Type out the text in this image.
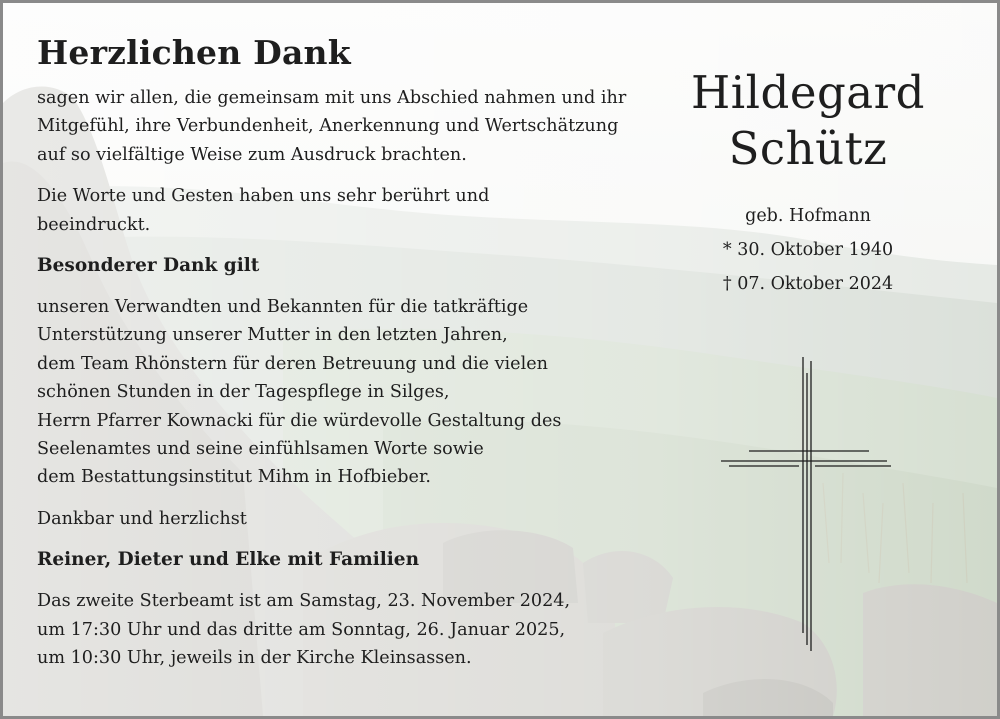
Herzlichen Dank

sagen wir allen, die gemeinsam mit uns Abschied nahmen und ihr

Mitgefühl, ihre Verbundenheit, Anerkennung und Wertschätzung

auf so vielfältige Weise zum Ausdruck brachten.

Die Worte und Gesten haben uns sehr berührt und

beeindruckt.

Besonderer Dank gilt

unseren Verwandten und Bekannten für die tatkräftige

Unterstützung unserer Mutter in den letzten Jahren,

dem Team Rhönstern für deren Betreuung und die vielen

schönen Stunden in der Tagespflege in Silges,

Herrn Pfarrer Kownacki für die würdevolle Gestaltung des

Seelenamtes und seine einfühlsamen Worte sowie

dem Bestattungsinstitut Mihm in Hofbieber.

Dankbar und herzlichst

Reiner, Dieter und Elke mit Familien

Das zweite Sterbeamt ist am Samstag, 23. November 2024,

um 17:30 Uhr und das dritte am Sonntag, 26. Januar 2025,

um 10:30 Uhr, jeweils in der Kirche Kleinsassen.

Hildegard
Schütz
geb. Hofmann
* 30. Oktober 1940
† 07. Oktober 2024
